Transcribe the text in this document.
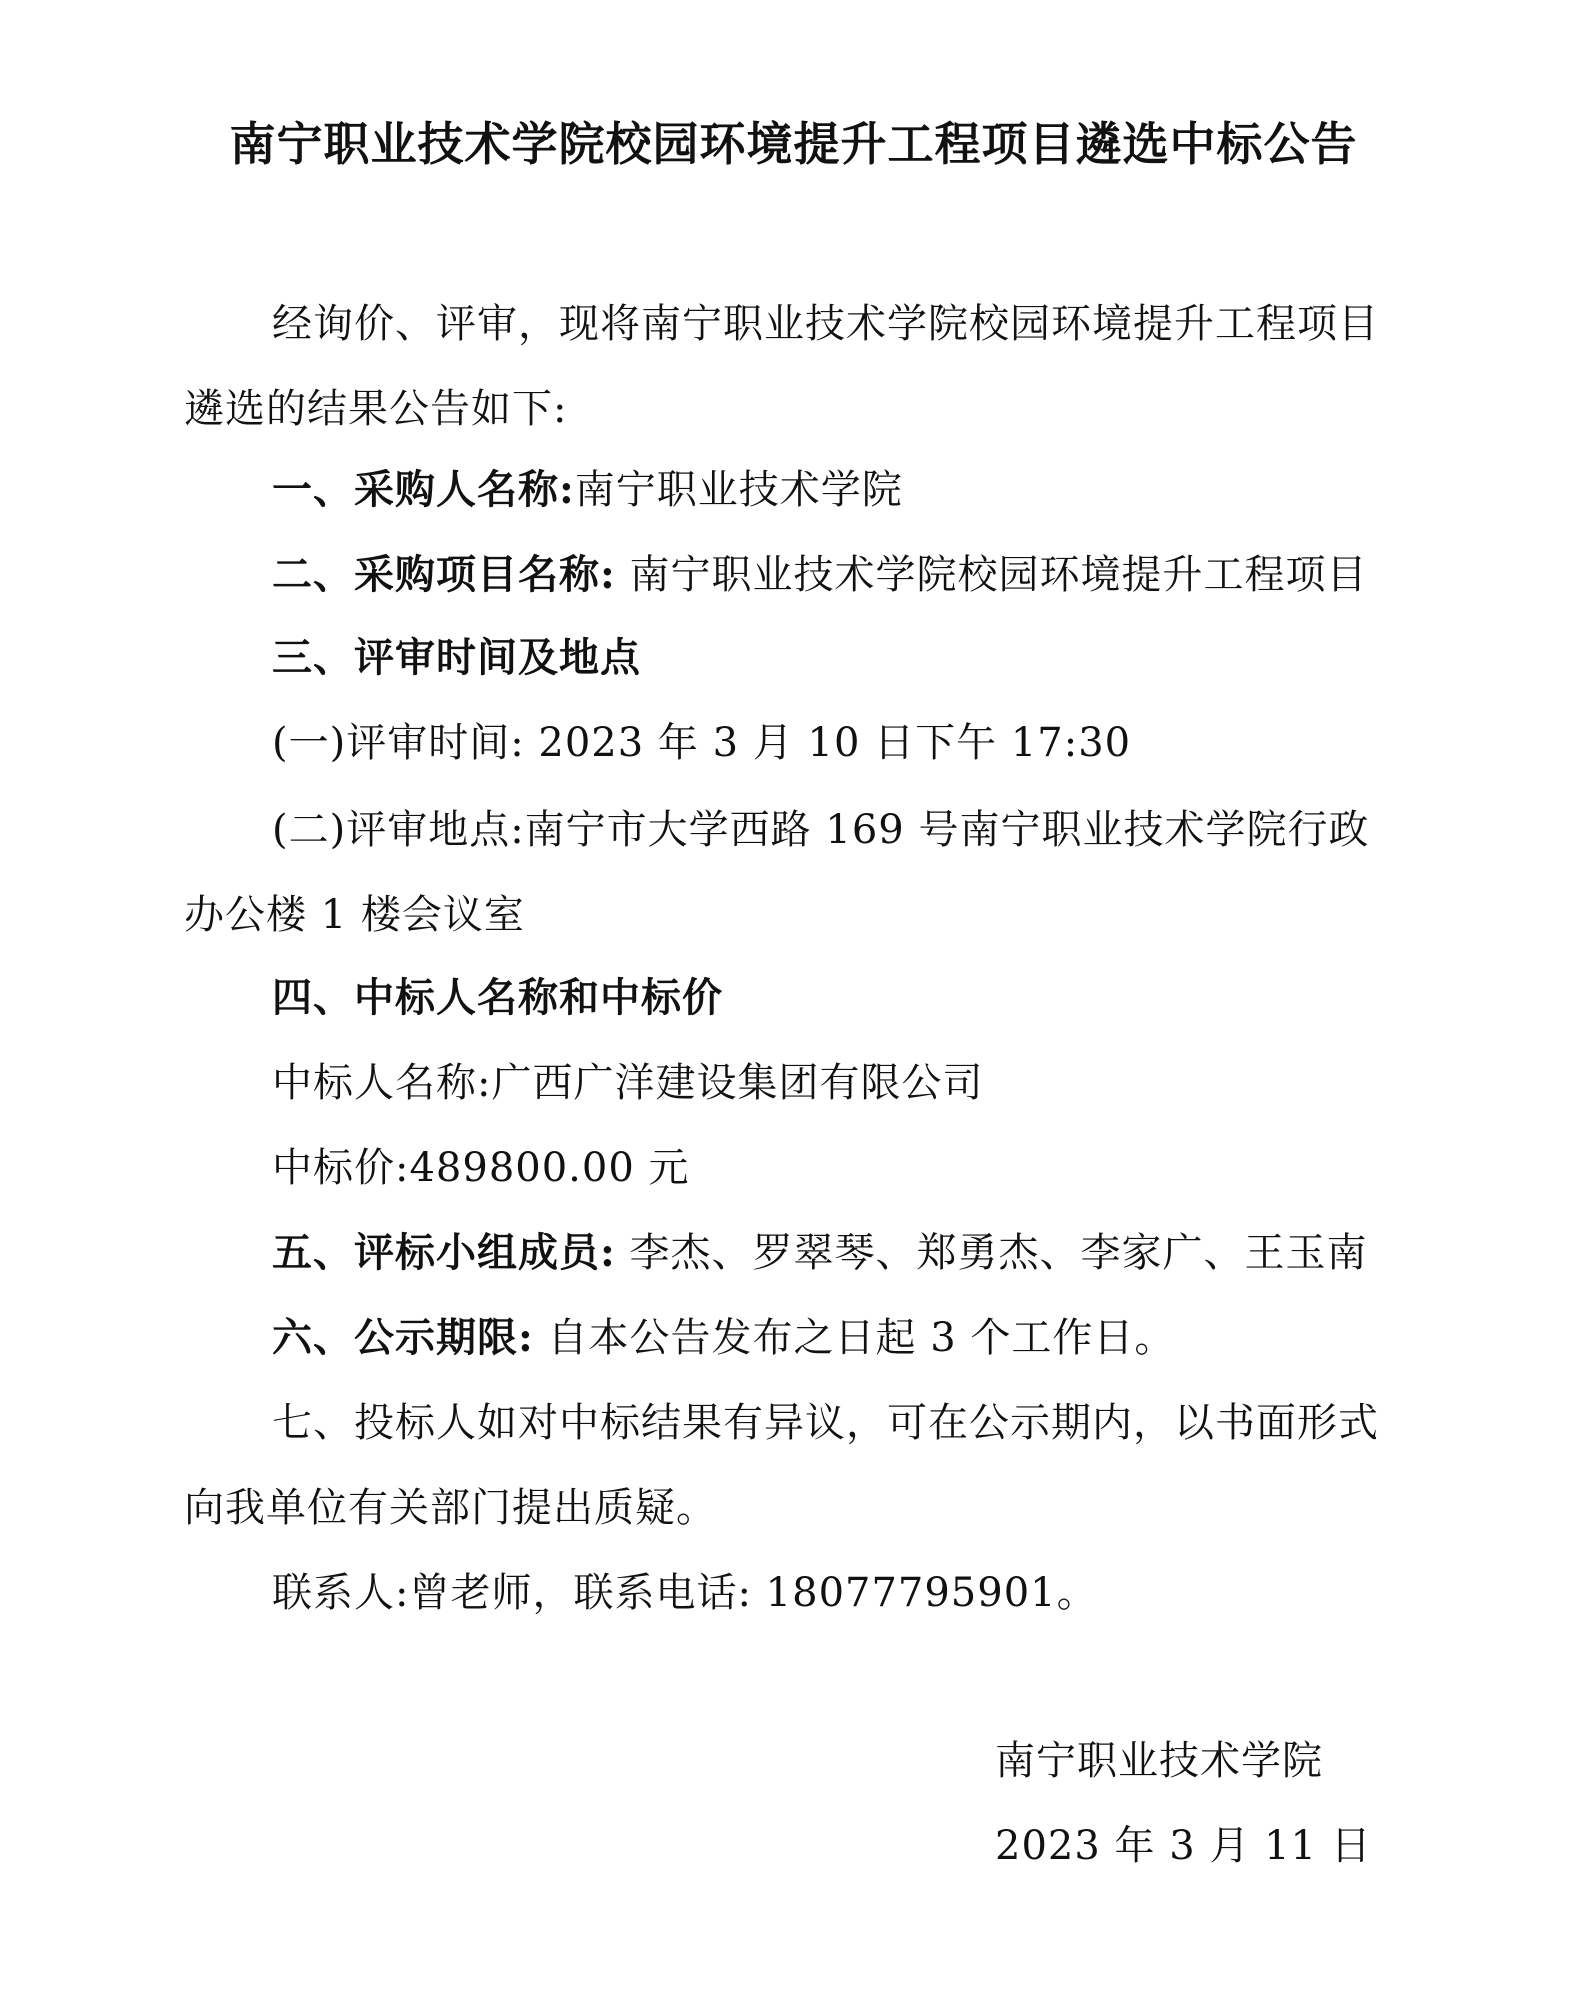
南宁职业技术学院校园环境提升工程项目遴选中标公告
经询价、评审，现将南宁职业技术学院校园环境提升工程项目
遴选的结果公告如下:
一、采购人名称:南宁职业技术学院
二、采购项目名称: 南宁职业技术学院校园环境提升工程项目
三、评审时间及地点
(一)评审时间: 2023 年 3 月 10 日下午 17:30
(二)评审地点:南宁市大学西路 169 号南宁职业技术学院行政
办公楼 1 楼会议室
四、中标人名称和中标价
中标人名称:广西广洋建设集团有限公司
中标价:489800.00 元
五、评标小组成员: 李杰、罗翠琴、郑勇杰、李家广、王玉南
六、公示期限: 自本公告发布之日起 3 个工作日。
七、投标人如对中标结果有异议，可在公示期内，以书面形式
向我单位有关部门提出质疑。
联系人:曾老师，联系电话: 18077795901。
南宁职业技术学院
2023 年 3 月 11 日
